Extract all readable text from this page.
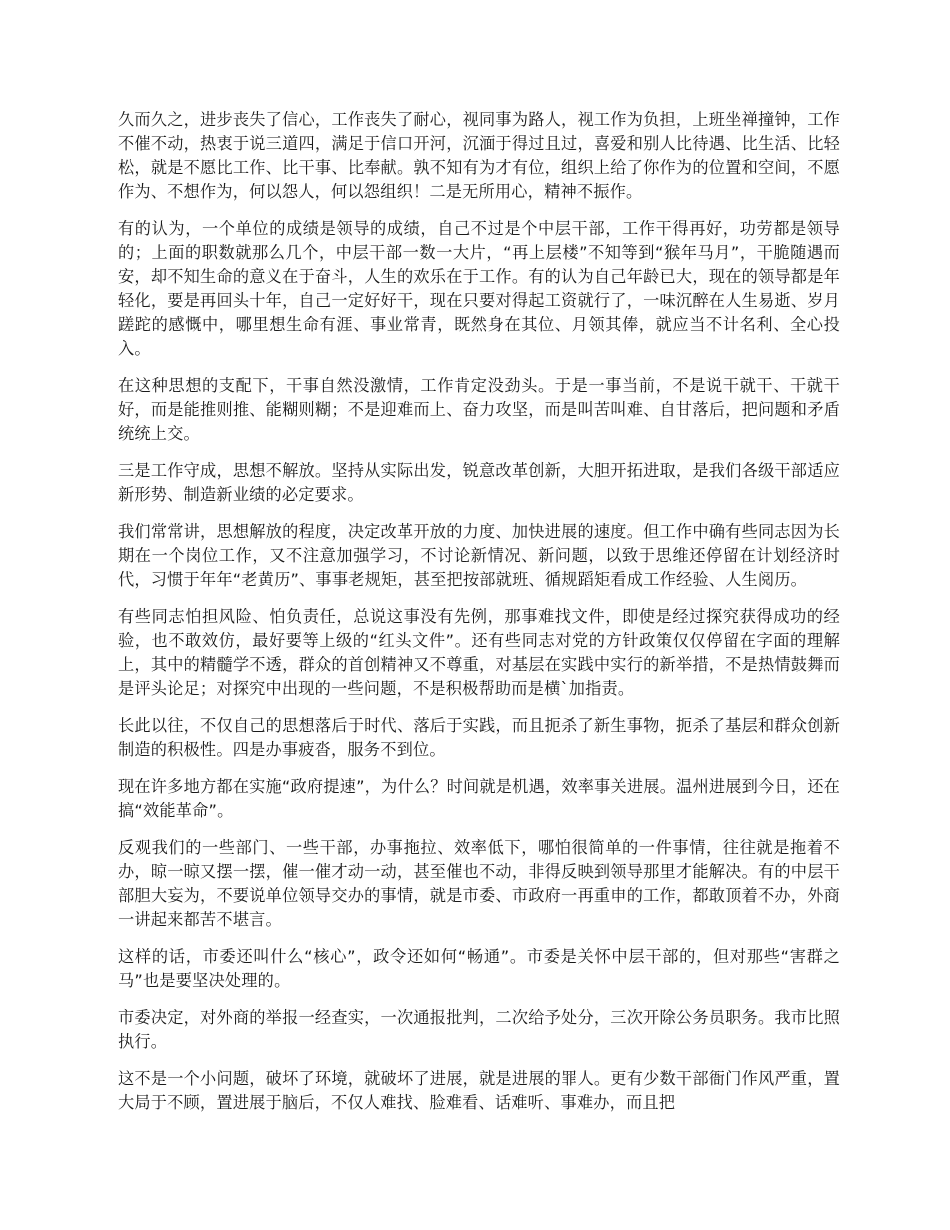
久而久之，进步丧失了信心，工作丧失了耐心，视同事为路人，视工作为负担，上班坐禅撞钟，工作不催不动，热衷于说三道四，满足于信口开河，沉湎于得过且过，喜爱和别人比待遇、比生活、比轻松，就是不愿比工作、比干事、比奉献。孰不知有为才有位，组织上给了你作为的位置和空间，不愿作为、不想作为，何以怨人，何以怨组织！二是无所用心，精神不振作。

有的认为，一个单位的成绩是领导的成绩，自己不过是个中层干部，工作干得再好，功劳都是领导的；上面的职数就那么几个，中层干部一数一大片，“再上层楼”不知等到“猴年马月”，干脆随遇而安，却不知生命的意义在于奋斗，人生的欢乐在于工作。有的认为自己年龄已大，现在的领导都是年轻化，要是再回头十年，自己一定好好干，现在只要对得起工资就行了，一味沉醉在人生易逝、岁月蹉跎的感慨中，哪里想生命有涯、事业常青，既然身在其位、月领其俸，就应当不计名利、全心投入。

在这种思想的支配下，干事自然没激情，工作肯定没劲头。于是一事当前，不是说干就干、干就干好，而是能推则推、能糊则糊；不是迎难而上、奋力攻坚，而是叫苦叫难、自甘落后，把问题和矛盾统统上交。

三是工作守成，思想不解放。坚持从实际出发，锐意改革创新，大胆开拓进取，是我们各级干部适应新形势、制造新业绩的必定要求。

我们常常讲，思想解放的程度，决定改革开放的力度、加快进展的速度。但工作中确有些同志因为长期在一个岗位工作，又不注意加强学习，不讨论新情况、新问题，以致于思维还停留在计划经济时代，习惯于年年“老黄历”、事事老规矩，甚至把按部就班、循规蹈矩看成工作经验、人生阅历。

有些同志怕担风险、怕负责任，总说这事没有先例，那事难找文件，即使是经过探究获得成功的经验，也不敢效仿，最好要等上级的“红头文件”。还有些同志对党的方针政策仅仅停留在字面的理解上，其中的精髓学不透，群众的首创精神又不尊重，对基层在实践中实行的新举措，不是热情鼓舞而是评头论足；对探究中出现的一些问题，不是积极帮助而是横`加指责。

长此以往，不仅自己的思想落后于时代、落后于实践，而且扼杀了新生事物，扼杀了基层和群众创新制造的积极性。四是办事疲沓，服务不到位。

现在许多地方都在实施“政府提速”，为什么？时间就是机遇，效率事关进展。温州进展到今日，还在搞“效能革命”。

反观我们的一些部门、一些干部，办事拖拉、效率低下，哪怕很简单的一件事情，往往就是拖着不办，晾一晾又摆一摆，催一催才动一动，甚至催也不动，非得反映到领导那里才能解决。有的中层干部胆大妄为，不要说单位领导交办的事情，就是市委、市政府一再重申的工作，都敢顶着不办，外商一讲起来都苦不堪言。

这样的话，市委还叫什么“核心”，政令还如何“畅通”。市委是关怀中层干部的，但对那些“害群之马”也是要坚决处理的。

市委决定，对外商的举报一经查实，一次通报批判，二次给予处分，三次开除公务员职务。我市比照执行。

这不是一个小问题，破坏了环境，就破坏了进展，就是进展的罪人。更有少数干部衙门作风严重，置大局于不顾，置进展于脑后，不仅人难找、脸难看、话难听、事难办，而且把
